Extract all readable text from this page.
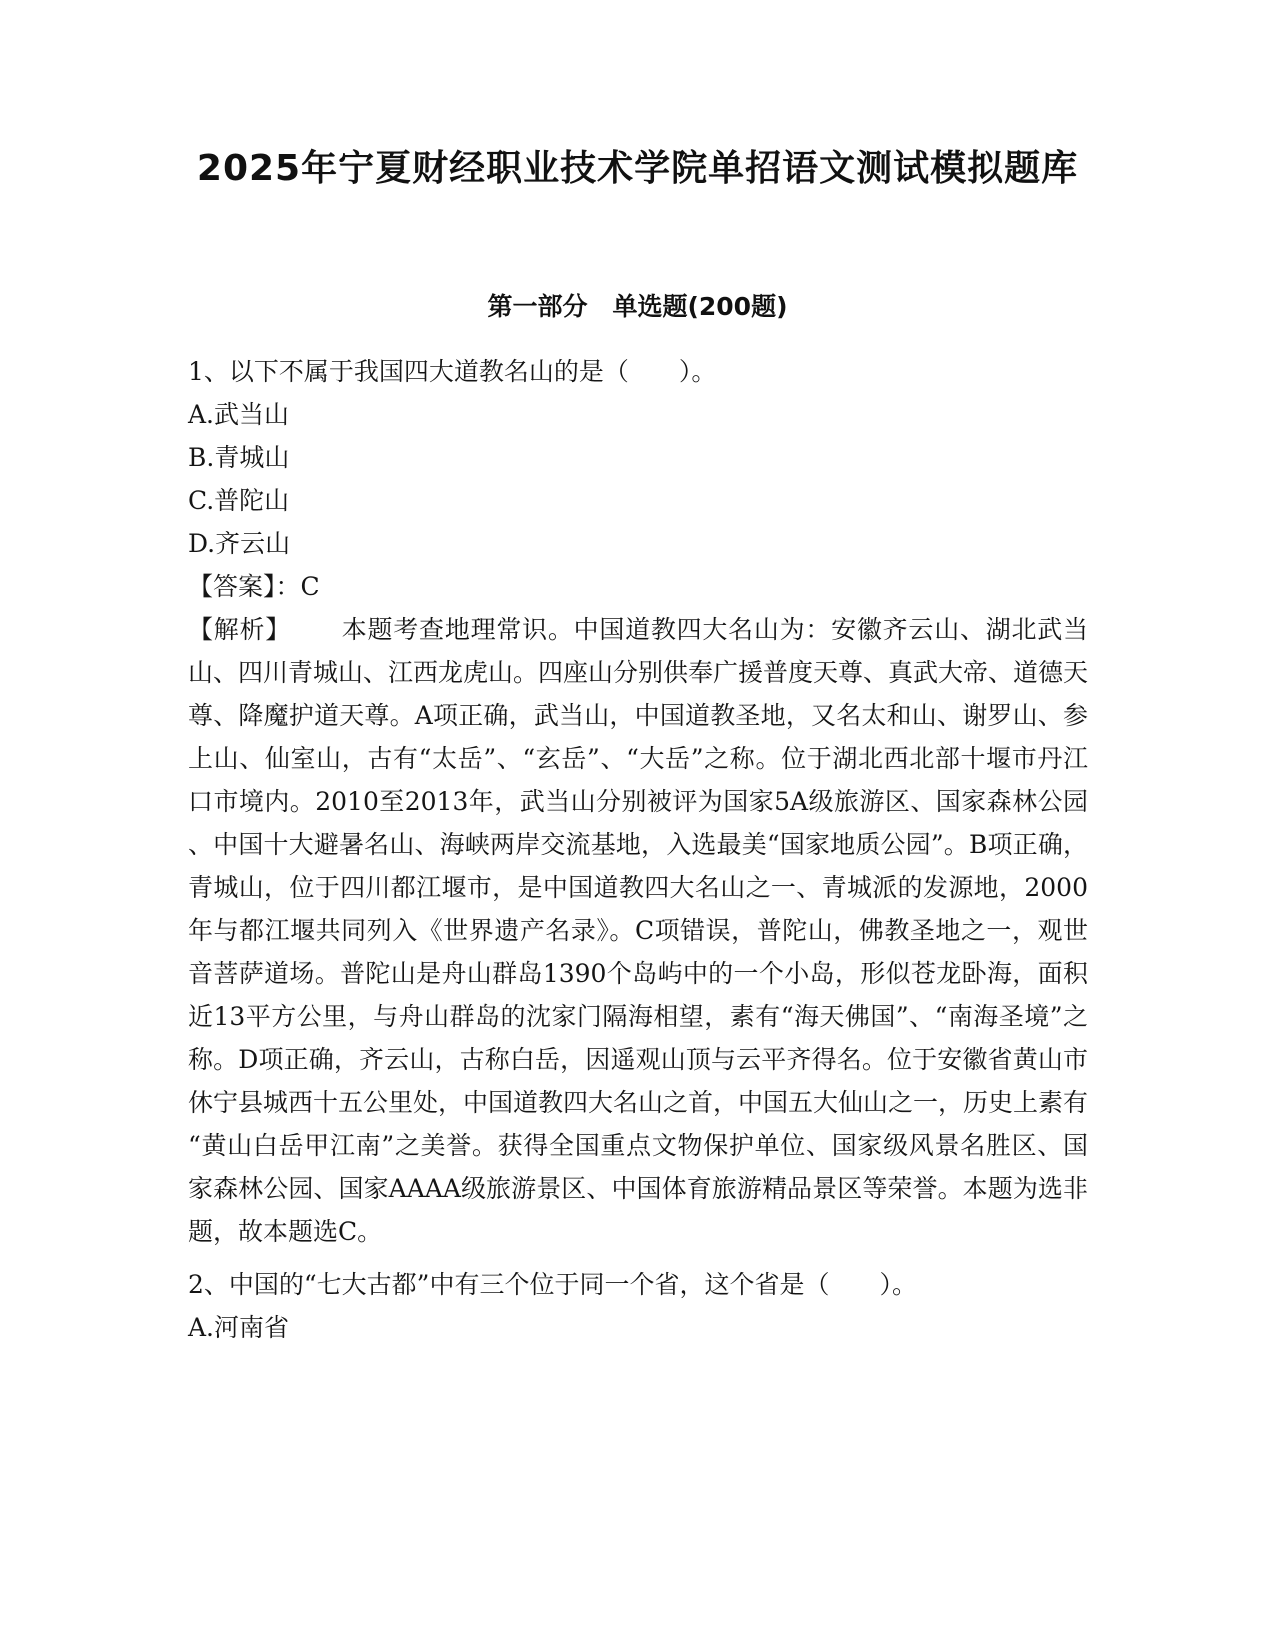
2025年宁夏财经职业技术学院单招语文测试模拟题库
第一部分　单选题(200题)

1、以下不属于我国四大道教名山的是（　　）。

A.武当山

B.青城山

C.普陀山

D.齐云山

【答案】：C

【解析】 本题考查地理常识。中国道教四大名山为：安徽齐云山、湖北武当山、四川青城山、江西龙虎山。四座山分别供奉广援普度天尊、真武大帝、道德天尊、降魔护道天尊。A项正确，武当山，中国道教圣地，又名太和山、谢罗山、参上山、仙室山，古有“太岳”、“玄岳”、“大岳”之称。位于湖北西北部十堰市丹江口市境内。2010至2013年，武当山分别被评为国家5A级旅游区、国家森林公园、中国十大避暑名山、海峡两岸交流基地，入选最美“国家地质公园”。B项正确，青城山，位于四川都江堰市，是中国道教四大名山之一、青城派的发源地，2000年与都江堰共同列入《世界遗产名录》。C项错误，普陀山，佛教圣地之一，观世音菩萨道场。普陀山是舟山群岛1390个岛屿中的一个小岛，形似苍龙卧海，面积近13平方公里，与舟山群岛的沈家门隔海相望，素有“海天佛国”、“南海圣境”之称。D项正确，齐云山，古称白岳，因遥观山顶与云平齐得名。位于安徽省黄山市休宁县城西十五公里处，中国道教四大名山之首，中国五大仙山之一，历史上素有“黄山白岳甲江南”之美誉。获得全国重点文物保护单位、国家级风景名胜区、国家森林公园、国家AAAA级旅游景区、中国体育旅游精品景区等荣誉。本题为选非题，故本题选C。

2、中国的“七大古都”中有三个位于同一个省，这个省是（　　）。

A.河南省
